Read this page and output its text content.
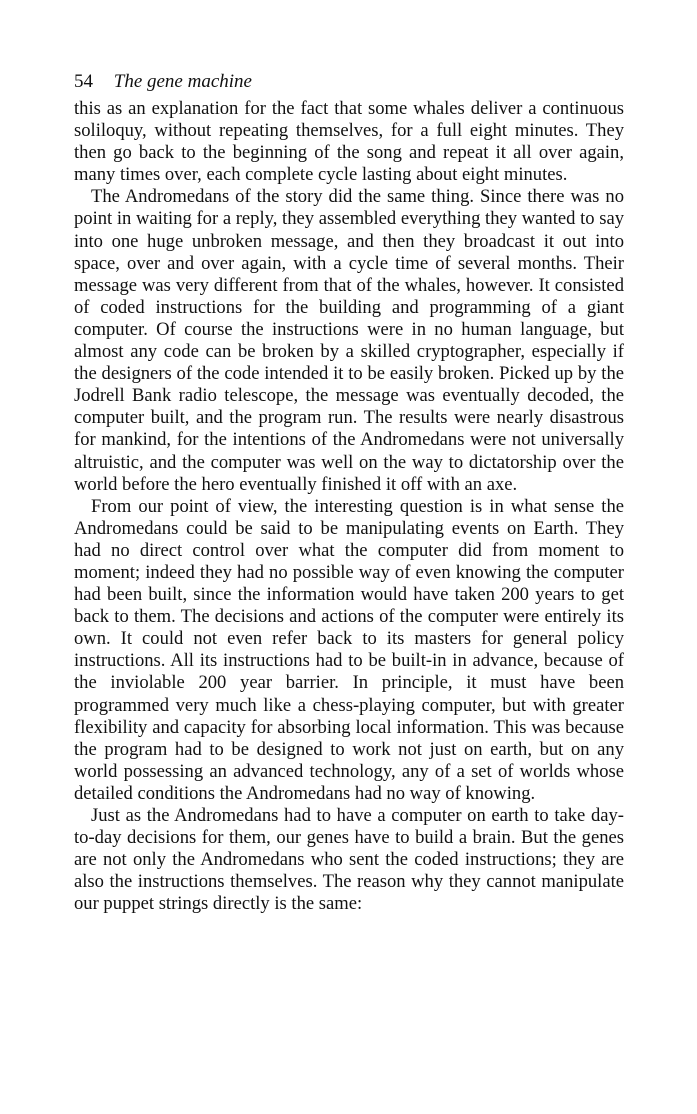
54 The gene machine

this as an explanation for the fact that some whales deliver a continuous soliloquy, without repeating themselves, for a full eight minutes. They then go back to the beginning of the song and repeat it all over again, many times over, each complete cycle lasting about eight minutes.

The Andromedans of the story did the same thing. Since there was no point in waiting for a reply, they assembled everything they wanted to say into one huge unbroken message, and then they broadcast it out into space, over and over again, with a cycle time of several months. Their message was very different from that of the whales, however. It consisted of coded instructions for the building and programming of a giant computer. Of course the instructions were in no human language, but almost any code can be broken by a skilled cryptographer, especially if the designers of the code intended it to be easily broken. Picked up by the Jodrell Bank radio telescope, the message was eventually decoded, the computer built, and the program run. The results were nearly disastrous for mankind, for the intentions of the Andromedans were not universally altruistic, and the computer was well on the way to dictatorship over the world before the hero eventually finished it off with an axe.

From our point of view, the interesting question is in what sense the Andromedans could be said to be manipulating events on Earth. They had no direct control over what the computer did from moment to moment; indeed they had no possible way of even knowing the computer had been built, since the information would have taken 200 years to get back to them. The decisions and actions of the computer were entirely its own. It could not even refer back to its masters for general policy instructions. All its instructions had to be built-in in advance, because of the inviolable 200 year barrier. In principle, it must have been programmed very much like a chess-playing computer, but with greater flexibility and capacity for absorbing local information. This was because the program had to be designed to work not just on earth, but on any world possessing an advanced technology, any of a set of worlds whose detailed conditions the Andromedans had no way of knowing.

Just as the Andromedans had to have a computer on earth to take day-to-day decisions for them, our genes have to build a brain. But the genes are not only the Andromedans who sent the coded instructions; they are also the instructions themselves. The reason why they cannot manipulate our puppet strings directly is the same:
